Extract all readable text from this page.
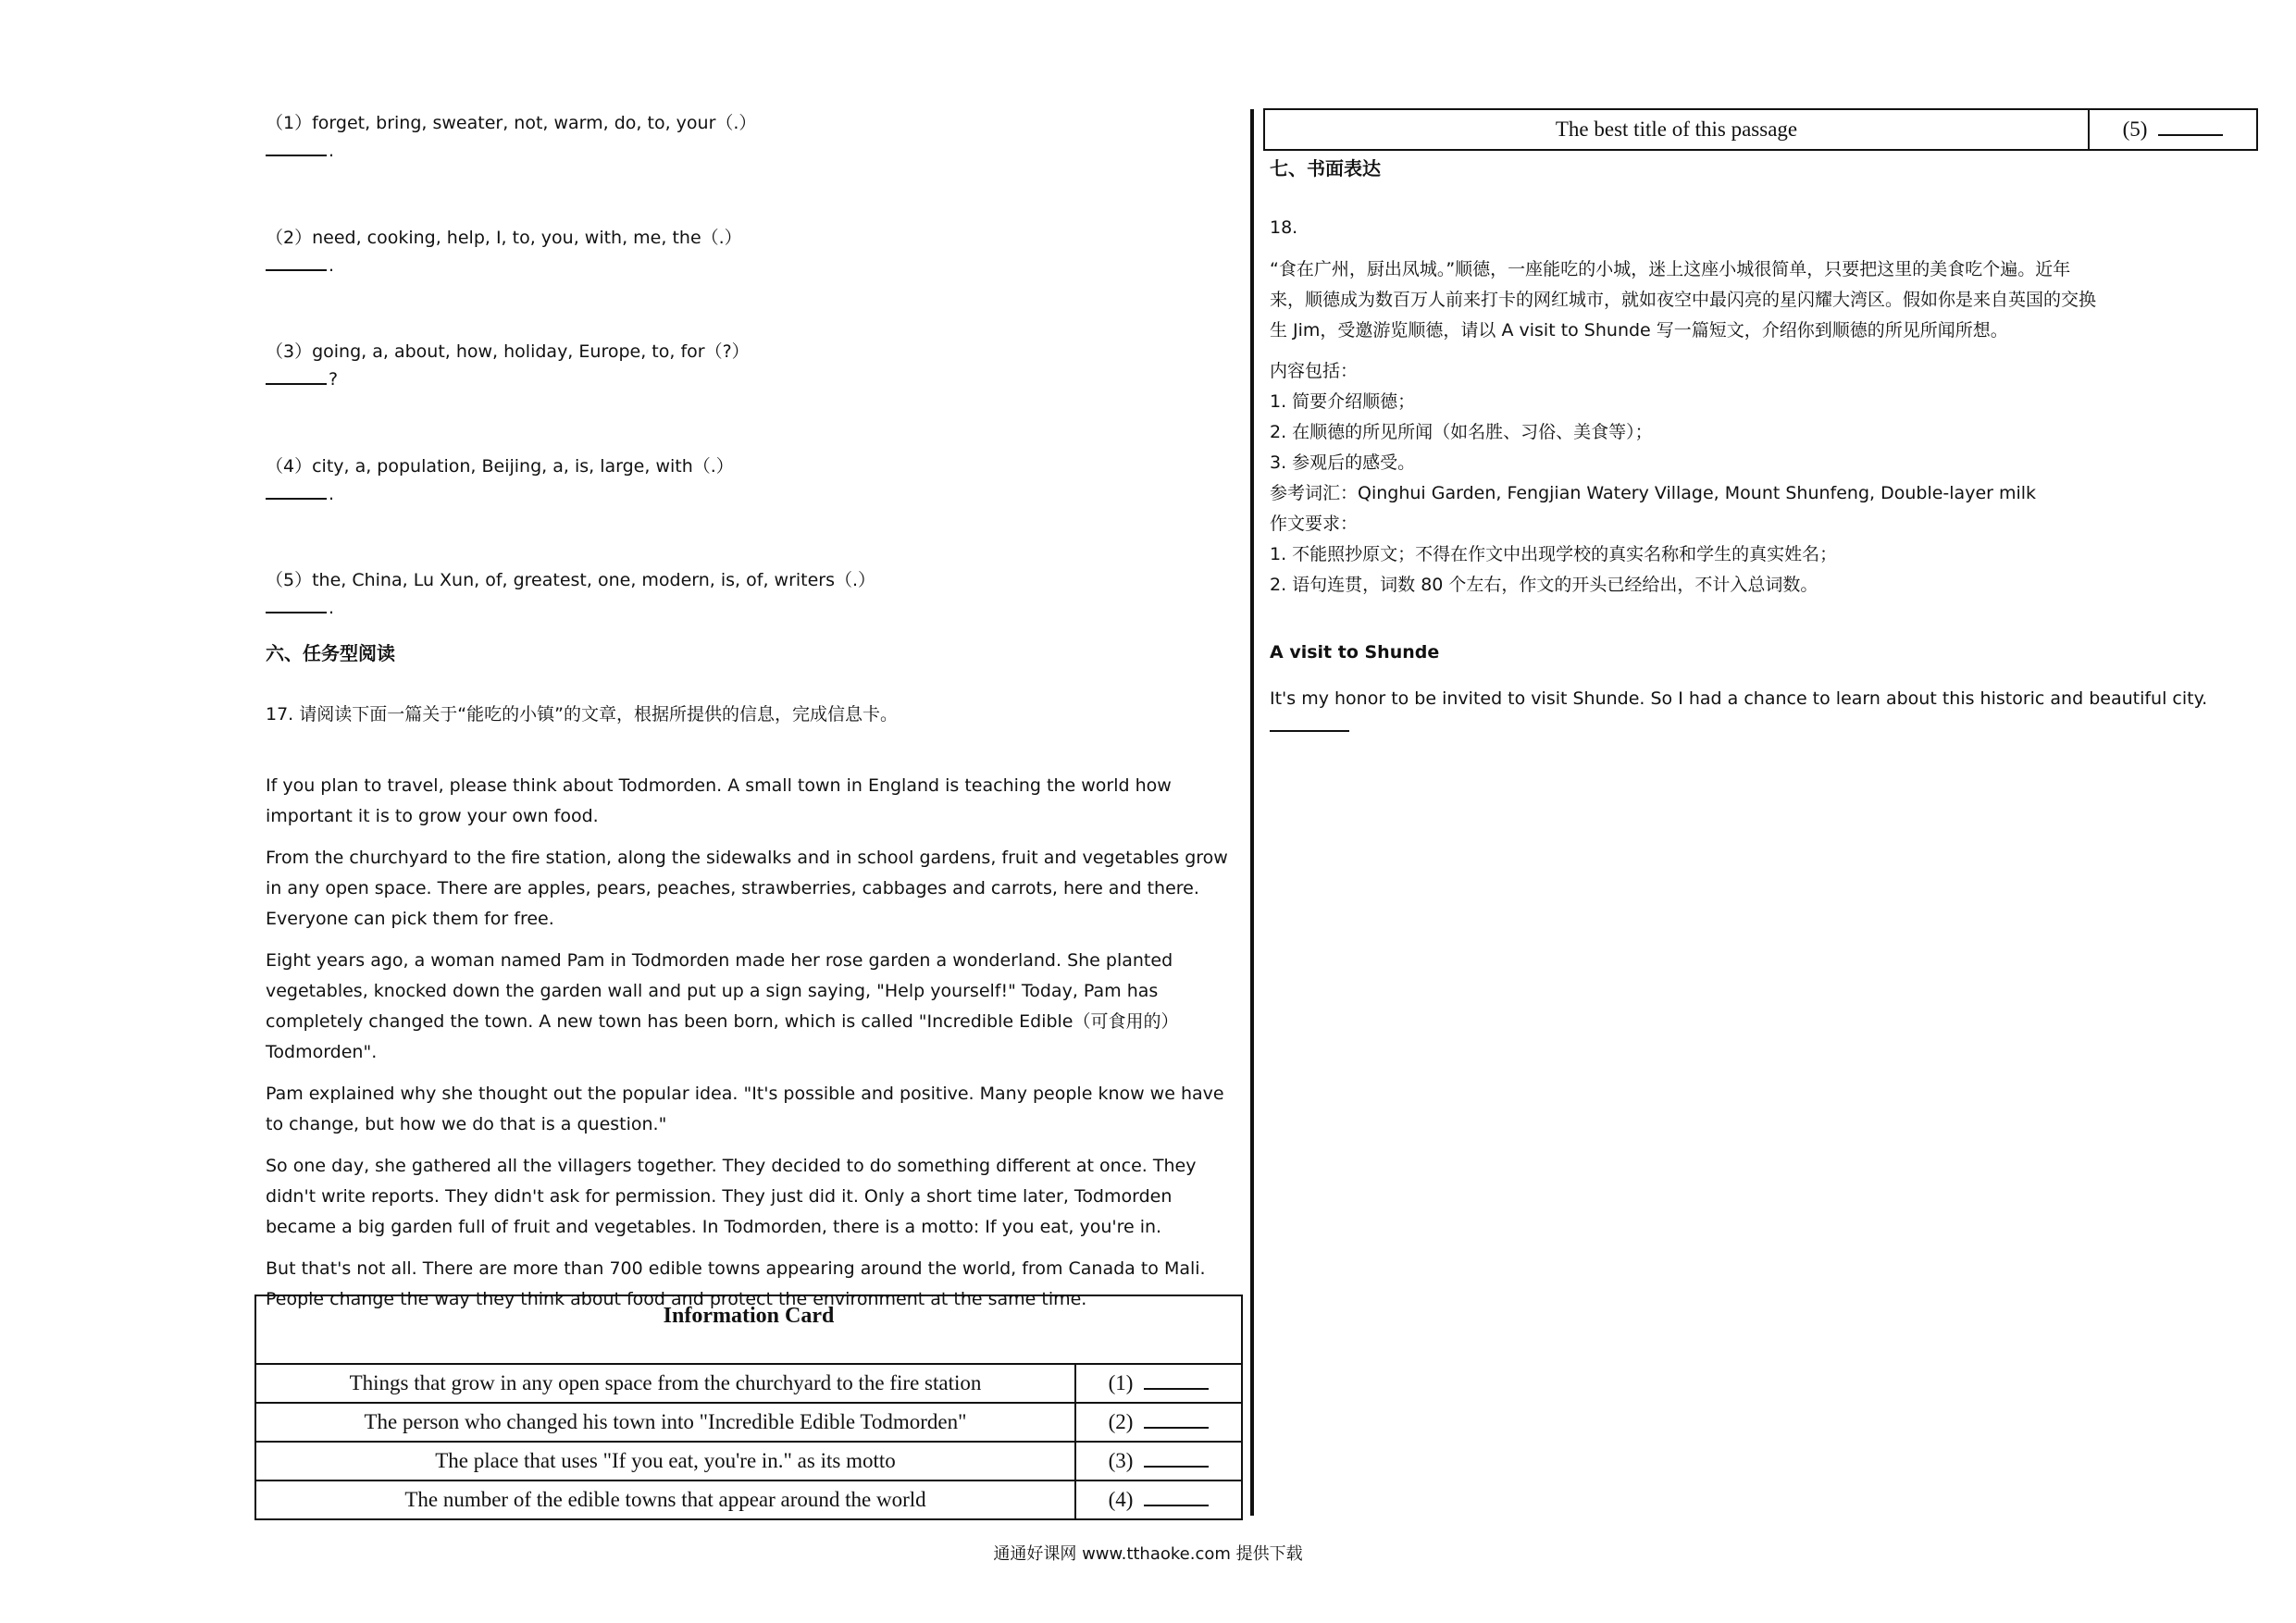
（1）forget, bring, sweater, not, warm, do, to, your（.）
.
（2）need, cooking, help, I, to, you, with, me, the（.）
.
（3）going, a, about, how, holiday, Europe, to, for（?）
?
（4）city, a, population, Beijing, a, is, large, with（.）
.
（5）the, China, Lu Xun, of, greatest, one, modern, is, of, writers（.）
.
六、任务型阅读
17. 请阅读下面一篇关于“能吃的小镇”的文章，根据所提供的信息，完成信息卡。

If you plan to travel, please think about Todmorden. A small town in England is teaching the world how important it is to grow your own food.

From the churchyard to the fire station, along the sidewalks and in school gardens, fruit and vegetables grow in any open space. There are apples, pears, peaches, strawberries, cabbages and carrots, here and there. Everyone can pick them for free.

Eight years ago, a woman named Pam in Todmorden made her rose garden a wonderland. She planted vegetables, knocked down the garden wall and put up a sign saying, "Help yourself!" Today, Pam has completely changed the town. A new town has been born, which is called "Incredible Edible（可食用的）Todmorden".

Pam explained why she thought out the popular idea. "It's possible and positive. Many people know we have to change, but how we do that is a question."

So one day, she gathered all the villagers together. They decided to do something different at once. They didn't write reports. They didn't ask for permission. They just did it. Only a short time later, Todmorden became a big garden full of fruit and vegetables. In Todmorden, there is a motto: If you eat, you're in.

But that's not all. There are more than 700 edible towns appearing around the world, from Canada to Mali. People change the way they think about food and protect the environment at the same time.

Information Card	
Things that grow in any open space from the churchyard to the fire station	(1)
The person who changed his town into "Incredible Edible Todmorden"	(2)
The place that uses "If you eat, you're in." as its motto	(3)
The number of the edible towns that appear around the world	(4)
The best title of this passage	(5)
七、书面表达
18.
“食在广州，厨出凤城。”顺德，一座能吃的小城，迷上这座小城很简单，只要把这里的美食吃个遍。近年
来，顺德成为数百万人前来打卡的网红城市，就如夜空中最闪亮的星闪耀大湾区。假如你是来自英国的交换
生 Jim，受邀游览顺德，请以 A visit to Shunde 写一篇短文，介绍你到顺德的所见所闻所想。
内容包括：
1. 简要介绍顺德；
2. 在顺德的所见所闻（如名胜、习俗、美食等）；
3. 参观后的感受。
参考词汇：Qinghui Garden, Fengjian Watery Village, Mount Shunfeng, Double-layer milk
作文要求：
1. 不能照抄原文；不得在作文中出现学校的真实名称和学生的真实姓名；
2. 语句连贯，词数 80 个左右，作文的开头已经给出，不计入总词数。
A visit to Shunde
It's my honor to be invited to visit Shunde. So I had a chance to learn about this historic and beautiful city.
通通好课网 www.tthaoke.com 提供下载
